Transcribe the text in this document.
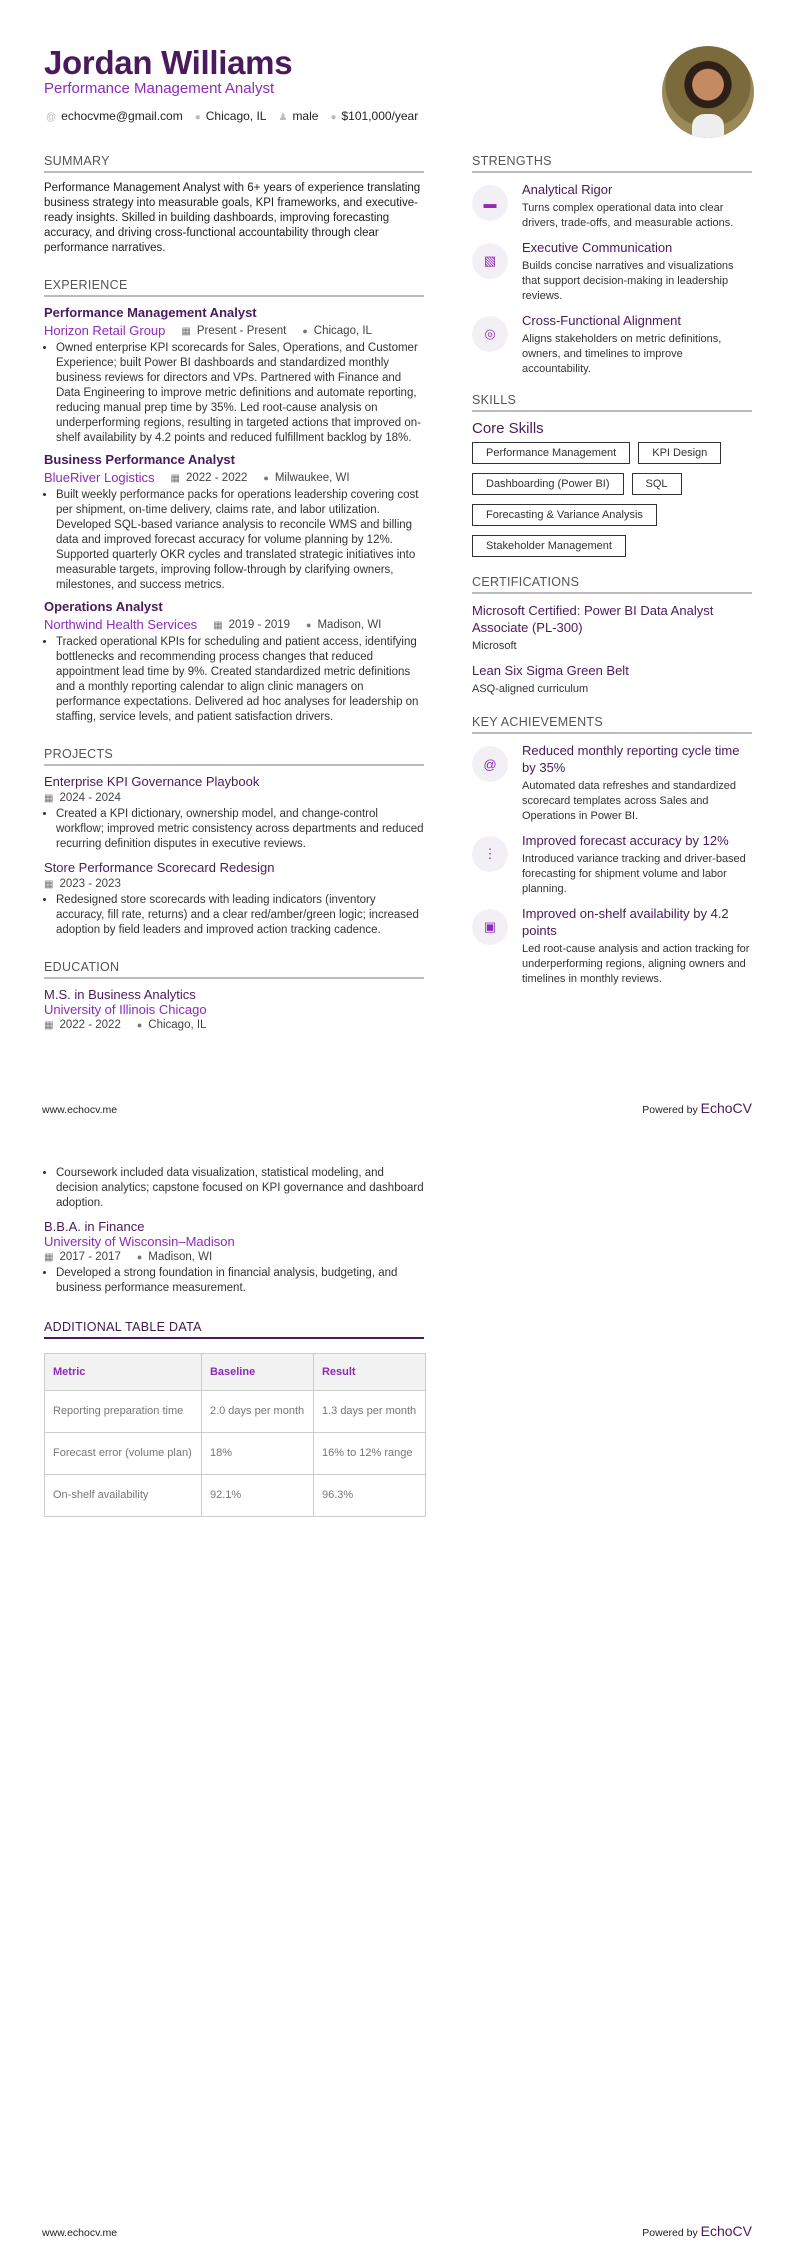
Jordan Williams
Performance Management Analyst
@ echocvme@gmail.com ● Chicago, IL ♟ male ● $101,000/year
SUMMARY

Performance Management Analyst with 6+ years of experience translating business strategy into measurable goals, KPI frameworks, and executive-ready insights. Skilled in building dashboards, improving forecasting accuracy, and driving cross-functional accountability through clear performance narratives.

EXPERIENCE
Performance Management Analyst
Horizon Retail Group	▦ Present - Present	● Chicago, IL
• Owned enterprise KPI scorecards for Sales, Operations, and Customer Experience; built Power BI dashboards and standardized monthly business reviews for directors and VPs. Partnered with Finance and Data Engineering to improve metric definitions and automate reporting, reducing manual prep time by 35%. Led root-cause analysis on underperforming regions, resulting in targeted actions that improved on-shelf availability by 4.2 points and reduced fulfillment backlog by 18%.
Business Performance Analyst
BlueRiver Logistics	▦ 2022 - 2022	● Milwaukee, WI
• Built weekly performance packs for operations leadership covering cost per shipment, on-time delivery, claims rate, and labor utilization. Developed SQL-based variance analysis to reconcile WMS and billing data and improved forecast accuracy for volume planning by 12%. Supported quarterly OKR cycles and translated strategic initiatives into measurable targets, improving follow-through by clarifying owners, milestones, and success metrics.
Operations Analyst
Northwind Health Services	▦ 2019 - 2019	● Madison, WI
• Tracked operational KPIs for scheduling and patient access, identifying bottlenecks and recommending process changes that reduced appointment lead time by 9%. Created standardized metric definitions and a monthly reporting calendar to align clinic managers on performance expectations. Delivered ad hoc analyses for leadership on staffing, service levels, and patient satisfaction drivers.
PROJECTS
Enterprise KPI Governance Playbook
▦ 2024 - 2024
• Created a KPI dictionary, ownership model, and change-control workflow; improved metric consistency across departments and reduced recurring definition disputes in executive reviews.
Store Performance Scorecard Redesign
▦ 2023 - 2023
• Redesigned store scorecards with leading indicators (inventory accuracy, fill rate, returns) and a clear red/amber/green logic; increased adoption by field leaders and improved action tracking cadence.
EDUCATION
M.S. in Business Analytics
University of Illinois Chicago
▦ 2022 - 2022	● Chicago, IL
STRENGTHS
▬
Analytical Rigor
Turns complex operational data into clear drivers, trade-offs, and measurable actions.
▧
Executive Communication
Builds concise narratives and visualizations that support decision-making in leadership reviews.
◎
Cross-Functional Alignment
Aligns stakeholders on metric definitions, owners, and timelines to improve accountability.
SKILLS
Core Skills
Performance Management	KPI Design
Dashboarding (Power BI)	SQL
Forecasting & Variance Analysis
Stakeholder Management
CERTIFICATIONS
Microsoft Certified: Power BI Data Analyst Associate (PL-300)
Microsoft
Lean Six Sigma Green Belt
ASQ-aligned curriculum
KEY ACHIEVEMENTS
@
Reduced monthly reporting cycle time by 35%
Automated data refreshes and standardized scorecard templates across Sales and Operations in Power BI.
⋮
Improved forecast accuracy by 12%
Introduced variance tracking and driver-based forecasting for shipment volume and labor planning.
▣
Improved on-shelf availability by 4.2 points
Led root-cause analysis and action tracking for underperforming regions, aligning owners and timelines in monthly reviews.
www.echocv.me	Powered by EchoCV
• Coursework included data visualization, statistical modeling, and decision analytics; capstone focused on KPI governance and dashboard adoption.
B.B.A. in Finance
University of Wisconsin–Madison
▦ 2017 - 2017	● Madison, WI
• Developed a strong foundation in financial analysis, budgeting, and business performance measurement.
ADDITIONAL TABLE DATA
Metric	Baseline	Result
Reporting preparation time	2.0 days per month	1.3 days per month
Forecast error (volume plan)	18%	16% to 12% range
On-shelf availability	92.1%	96.3%
www.echocv.me	Powered by EchoCV
